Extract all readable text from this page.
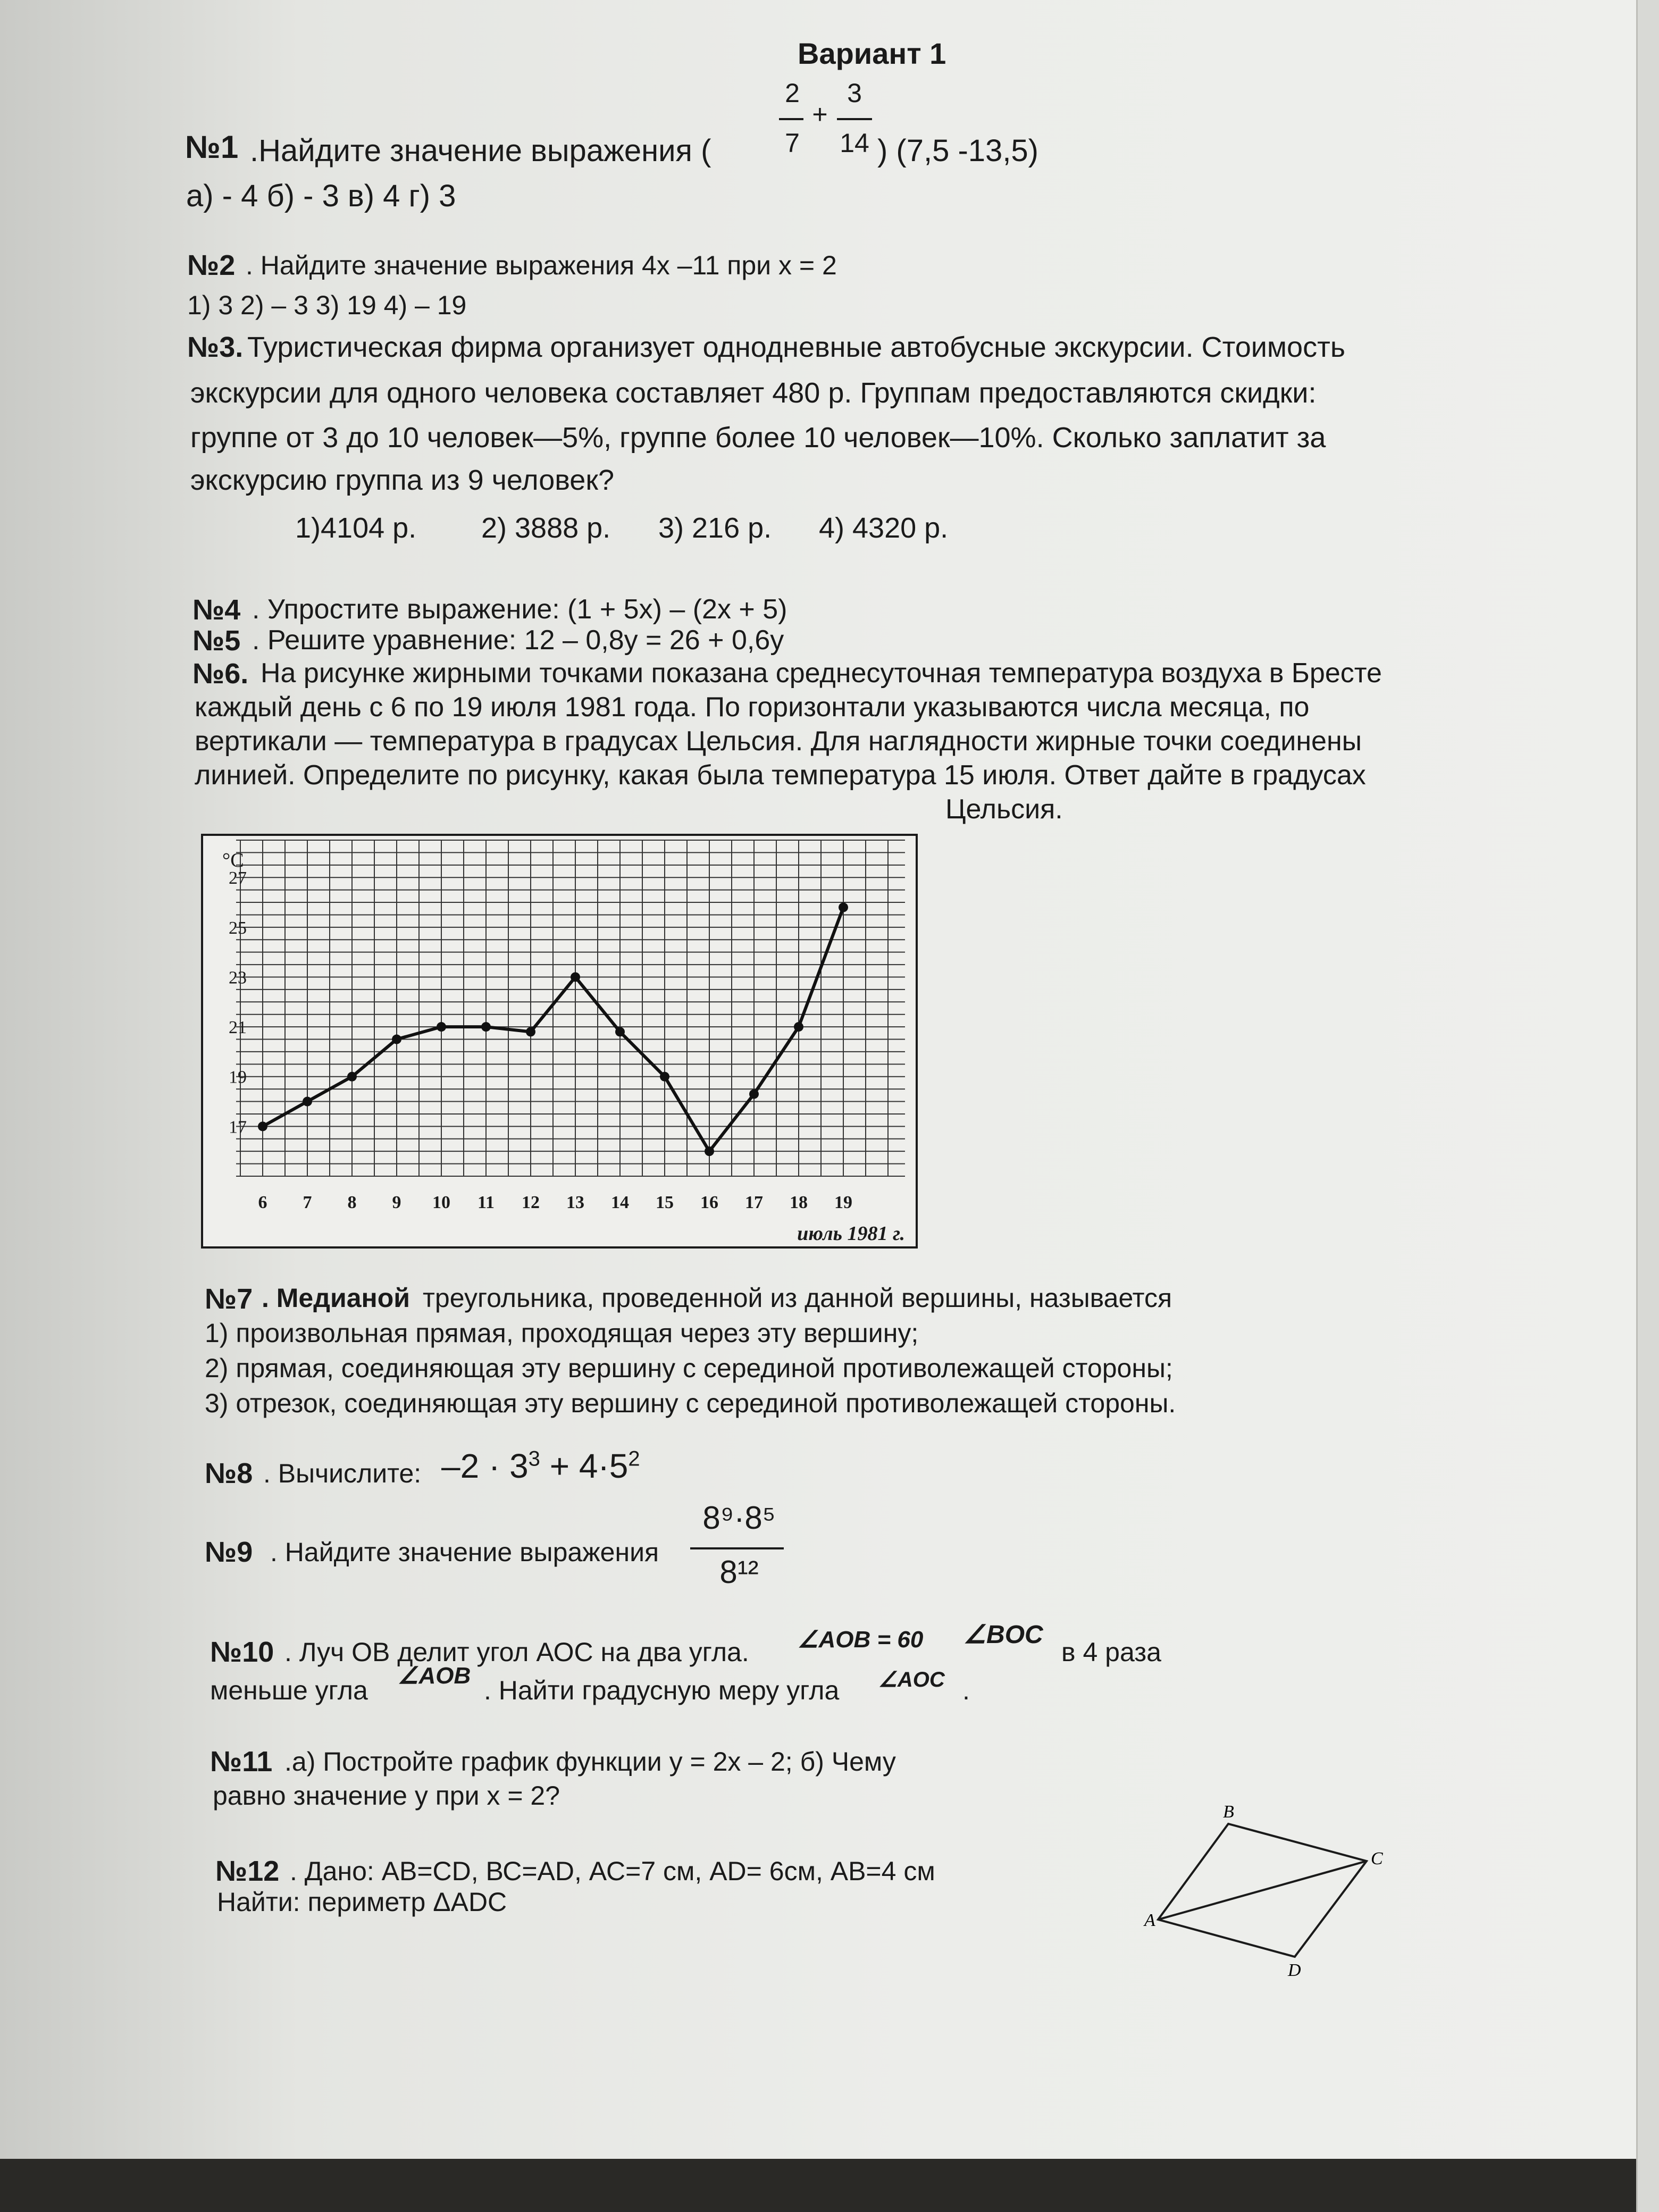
Вариант 1
№1 .Найдите значение выражения (
2
7
+
3
14 ) (7,5 -13,5)
а) - 4 б) - 3 в) 4 г) 3
№2 . Найдите значение выражения 4x –11 при x = 2
1) 3 2) – 3 3) 19 4) – 19
№3. Туристическая фирма организует однодневные автобусные экскурсии. Стоимость
экскурсии для одного человека составляет 480 р. Группам предоставляются скидки:
группе от 3 до 10 человек—5%, группе более 10 человек—10%. Сколько заплатит за
экскурсию группа из 9 человек?
1)4104 р. 2) 3888 р. 3) 216 р. 4) 4320 р.
№4 . Упростите выражение: (1 + 5x) – (2x + 5)
№5 . Решите уравнение: 12 – 0,8y = 26 + 0,6y
№6. На рисунке жирными точками показана среднесуточная температура воздуха в Бресте
каждый день с 6 по 19 июля 1981 года. По горизонтали указываются числа месяца, по
вертикали — температура в градусах Цельсия. Для наглядности жирные точки соединены
линией. Определите по рисунку, какая была температура 15 июля. Ответ дайте в градусах
Цельсия.
17
19
21
23
25
27
°C
6 7 8 9 10 11 12 13 14 15 16 17 18 19
июль 1981 г.
№7 . Медианой треугольника, проведенной из данной вершины, называется
1) произвольная прямая, проходящая через эту вершину;
2) прямая, соединяющая эту вершину с серединой противолежащей стороны;
3) отрезок, соединяющая эту вершину с серединой противолежащей стороны.
№8 . Вычислите: $-2 \cdot 3^3 + 4\cdot 5^2$
№9 . Найдите значение выражения
8⁹·8⁵
8¹²
№10 . Луч ОВ делит угол АОС на два угла. ∠AOB = 60 ∠BOC
в 4 раза
меньше угла ∠AOB . Найти градусную меру угла ∠AOC .
№11 .а) Постройте график функции у = 2х – 2; б) Чему
равно значение у при х = 2?
№12 . Дано: АВ=СD, ВС=АD, АС=7 см, АD= 6см, АВ=4 см
Найти: периметр ΔАDC
A
B
C
D
